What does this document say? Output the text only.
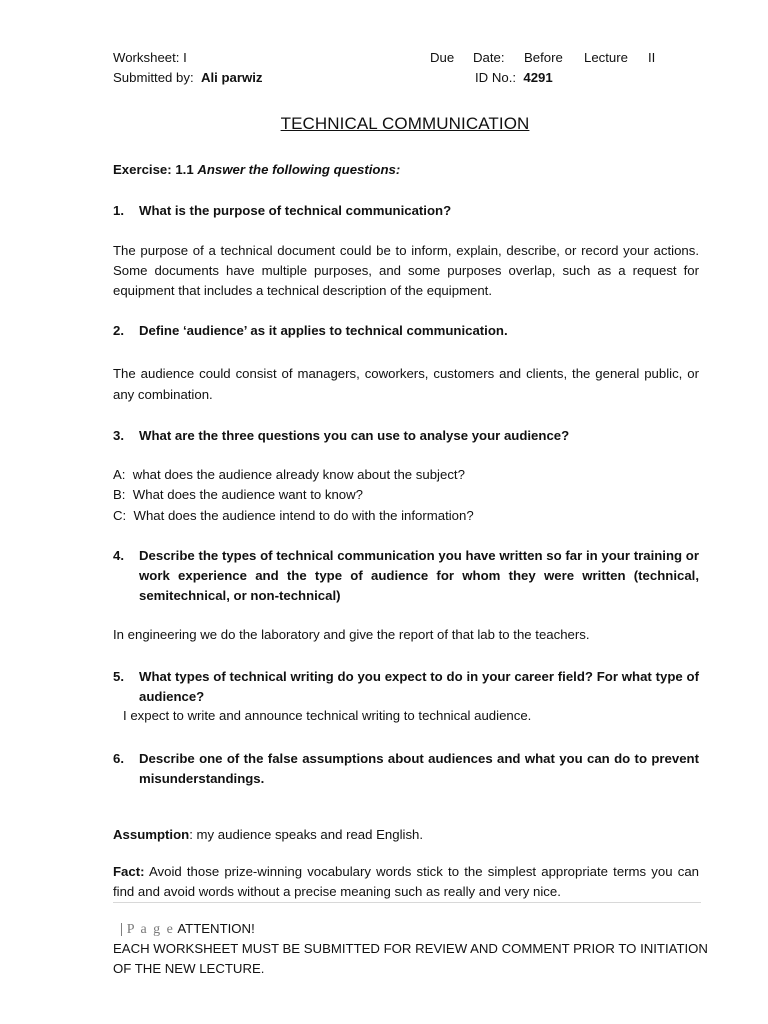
Worksheet: I
Submitted by: Ali parwiz
Due Date: Before Lecture II
ID No.: 4291
TECHNICAL COMMUNICATION
Exercise: 1.1 Answer the following questions:
1. What is the purpose of technical communication?
The purpose of a technical document could be to inform, explain, describe, or record your actions. Some documents have multiple purposes, and some purposes overlap, such as a request for equipment that includes a technical description of the equipment.
2. Define ‘audience’ as it applies to technical communication.
The audience could consist of managers, coworkers, customers and clients, the general public, or any combination.
3. What are the three questions you can use to analyse your audience?
A: what does the audience already know about the subject?
B: What does the audience want to know?
C: What does the audience intend to do with the information?
4. Describe the types of technical communication you have written so far in your training or work experience and the type of audience for whom they were written (technical, semitechnical, or non-technical)
In engineering we do the laboratory and give the report of that lab to the teachers.
5. What types of technical writing do you expect to do in your career field? For what type of audience?
I expect to write and announce technical writing to technical audience.
6. Describe one of the false assumptions about audiences and what you can do to prevent misunderstandings.
Assumption: my audience speaks and read English.
Fact: Avoid those prize-winning vocabulary words stick to the simplest appropriate terms you can find and avoid words without a precise meaning such as really and very nice.
| P a g e ATTENTION!
EACH WORKSHEET MUST BE SUBMITTED FOR REVIEW AND COMMENT PRIOR TO INITIATION
OF THE NEW LECTURE.
